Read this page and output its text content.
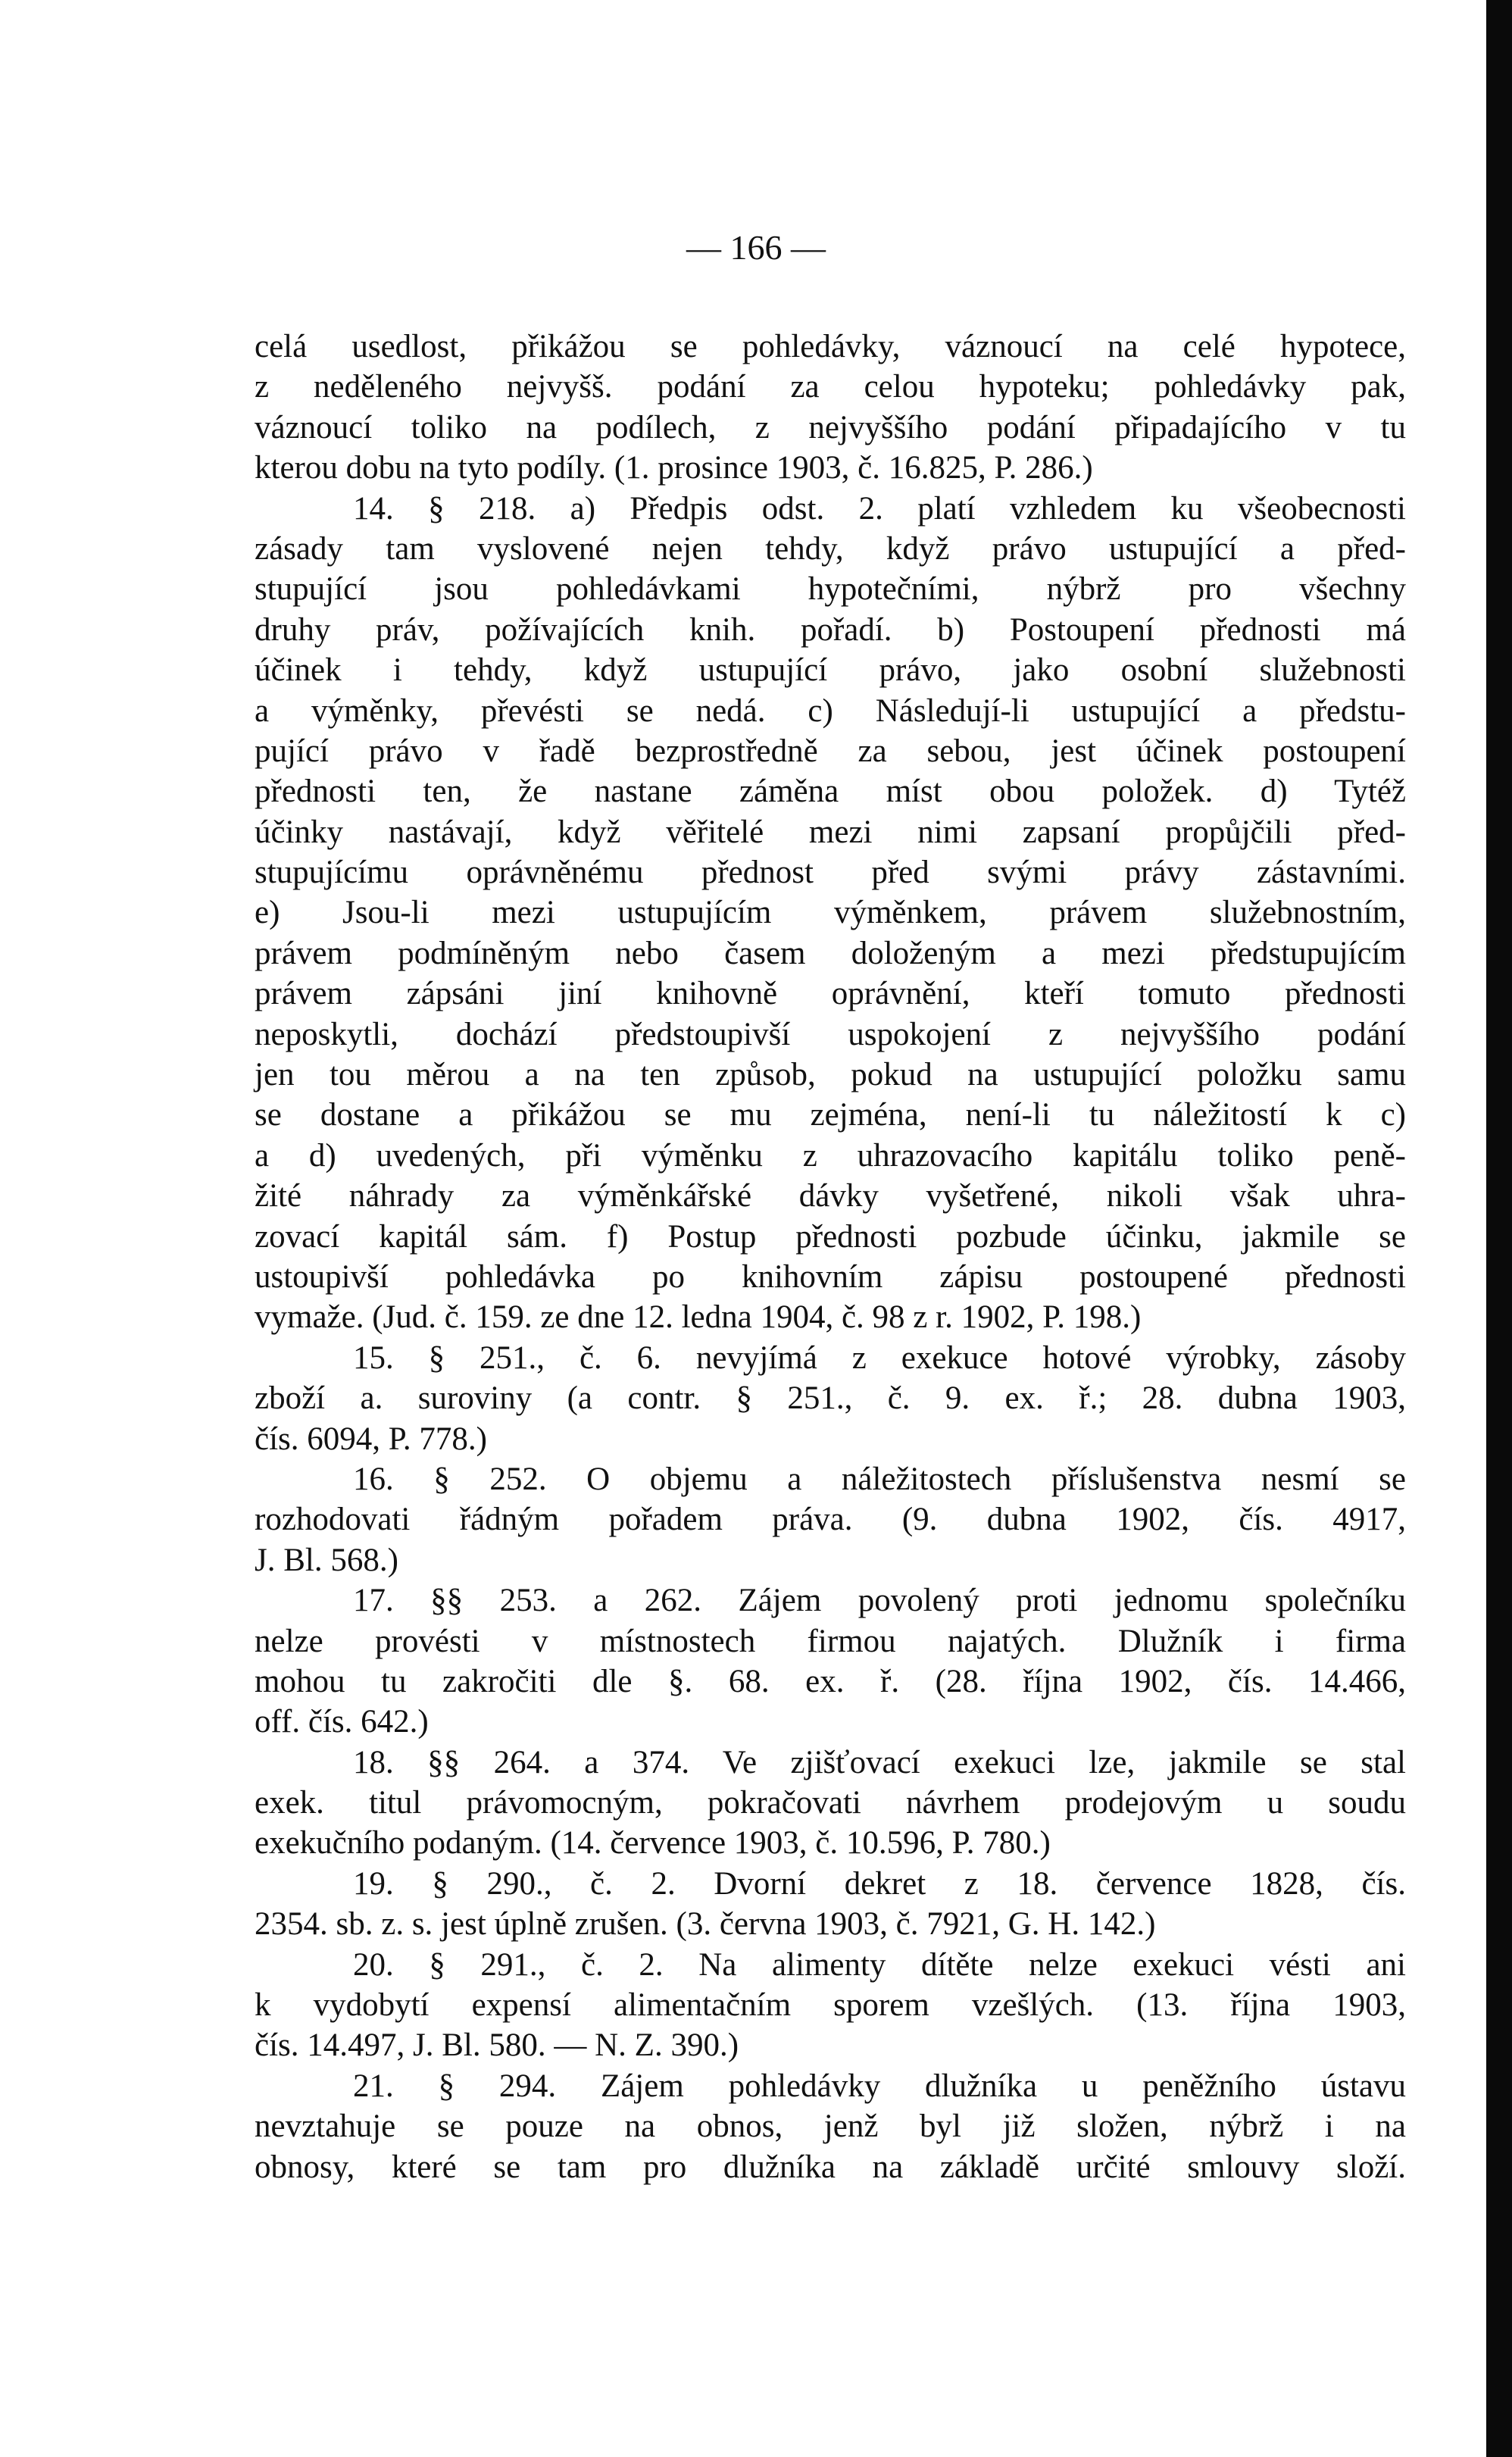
— 166 —
celá usedlost, přikážou se pohledávky, váznoucí na celé hypotece,
z neděleného nejvyšš. podání za celou hypoteku; pohledávky pak,
váznoucí toliko na podílech, z nejvyššího podání připadajícího v tu
kterou dobu na tyto podíly. (1. prosince 1903, č. 16.825, P. 286.)
14. § 218. a) Předpis odst. 2. platí vzhledem ku všeobecnosti
zásady tam vyslovené nejen tehdy, když právo ustupující a před-
stupující jsou pohledávkami hypotečními, nýbrž pro všechny
druhy práv, požívajících knih. pořadí. b) Postoupení přednosti má
účinek i tehdy, když ustupující právo, jako osobní služebnosti
a výměnky, převésti se nedá. c) Následují-li ustupující a předstu-
pující právo v řadě bezprostředně za sebou, jest účinek postoupení
přednosti ten, že nastane záměna míst obou položek. d) Tytéž
účinky nastávají, když věřitelé mezi nimi zapsaní propůjčili před-
stupujícímu oprávněnému přednost před svými právy zástavními.
e) Jsou-li mezi ustupujícím výměnkem, právem služebnostním,
právem podmíněným nebo časem doloženým a mezi předstupujícím
právem zápsáni jiní knihovně oprávnění, kteří tomuto přednosti
neposkytli, dochází předstoupivší uspokojení z nejvyššího podání
jen tou měrou a na ten způsob, pokud na ustupující položku samu
se dostane a přikážou se mu zejména, není-li tu náležitostí k c)
a d) uvedených, při výměnku z uhrazovacího kapitálu toliko peně-
žité náhrady za výměnkářské dávky vyšetřené, nikoli však uhra-
zovací kapitál sám. f) Postup přednosti pozbude účinku, jakmile se
ustoupivší pohledávka po knihovním zápisu postoupené přednosti
vymaže. (Jud. č. 159. ze dne 12. ledna 1904, č. 98 z r. 1902, P. 198.)
15. § 251., č. 6. nevyjímá z exekuce hotové výrobky, zásoby
zboží a. suroviny (a contr. § 251., č. 9. ex. ř.; 28. dubna 1903,
čís. 6094, P. 778.)
16. § 252. O objemu a náležitostech příslušenstva nesmí se
rozhodovati řádným pořadem práva. (9. dubna 1902, čís. 4917,
J. Bl. 568.)
17. §§ 253. a 262. Zájem povolený proti jednomu společníku
nelze provésti v místnostech firmou najatých. Dlužník i firma
mohou tu zakročiti dle §. 68. ex. ř. (28. října 1902, čís. 14.466,
off. čís. 642.)
18. §§ 264. a 374. Ve zjišťovací exekuci lze, jakmile se stal
exek. titul právomocným, pokračovati návrhem prodejovým u soudu
exekučního podaným. (14. července 1903, č. 10.596, P. 780.)
19. § 290., č. 2. Dvorní dekret z 18. července 1828, čís.
2354. sb. z. s. jest úplně zrušen. (3. června 1903, č. 7921, G. H. 142.)
20. § 291., č. 2. Na alimenty dítěte nelze exekuci vésti ani
k vydobytí expensí alimentačním sporem vzešlých. (13. října 1903,
čís. 14.497, J. Bl. 580. — N. Z. 390.)
21. § 294. Zájem pohledávky dlužníka u peněžního ústavu
nevztahuje se pouze na obnos, jenž byl již složen, nýbrž i na
obnosy, které se tam pro dlužníka na základě určité smlouvy složí.
